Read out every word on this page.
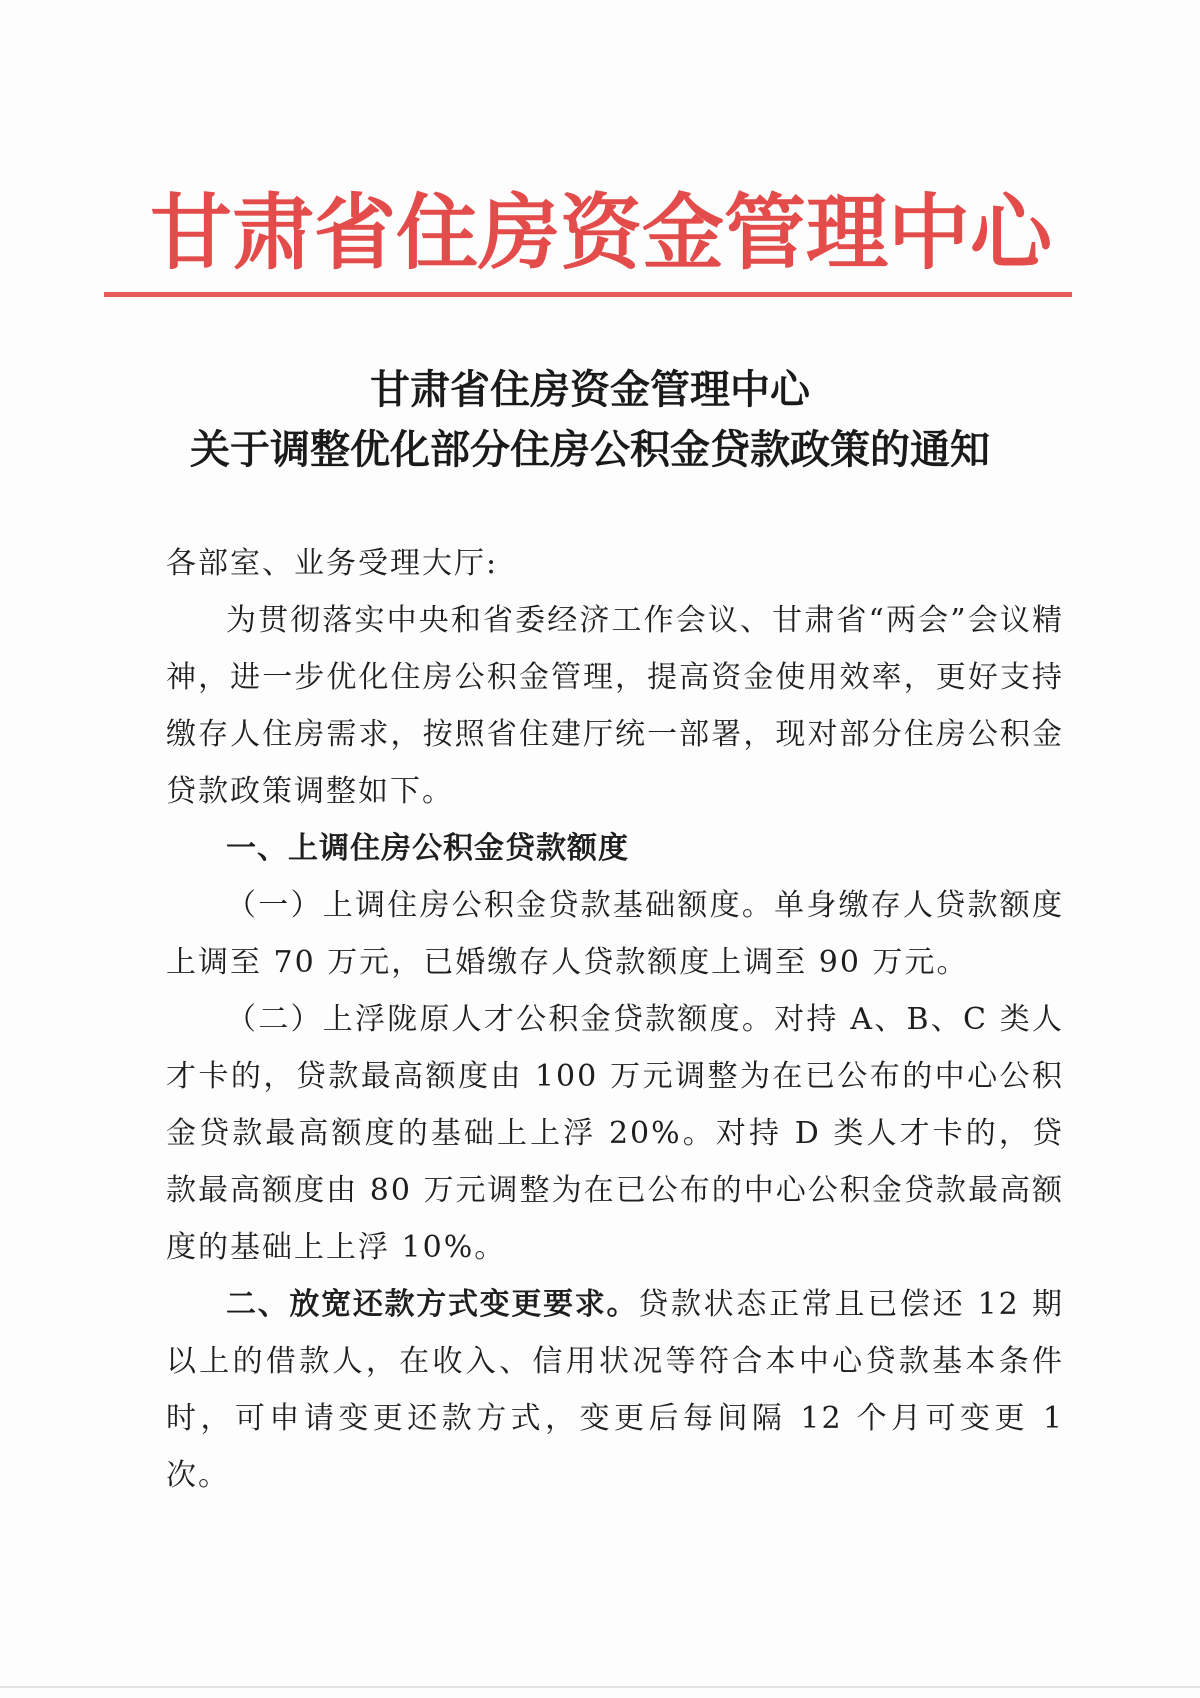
甘肃省住房资金管理中心
甘肃省住房资金管理中心
关于调整优化部分住房公积金贷款政策的通知

各部室、业务受理大厅:

为贯彻落实中央和省委经济工作会议、甘肃省“两会”会议精神，进一步优化住房公积金管理，提高资金使用效率，更好支持缴存人住房需求，按照省住建厅统一部署，现对部分住房公积金贷款政策调整如下。

一、上调住房公积金贷款额度

（一）上调住房公积金贷款基础额度。单身缴存人贷款额度上调至 70 万元，已婚缴存人贷款额度上调至 90 万元。

（二）上浮陇原人才公积金贷款额度。对持 A、B、C 类人才卡的，贷款最高额度由 100 万元调整为在已公布的中心公积金贷款最高额度的基础上上浮 20%。对持 D 类人才卡的，贷款最高额度由 80 万元调整为在已公布的中心公积金贷款最高额度的基础上上浮 10%。

二、放宽还款方式变更要求。贷款状态正常且已偿还 12 期以上的借款人，在收入、信用状况等符合本中心贷款基本条件时，可申请变更还款方式，变更后每间隔 12 个月可变更 1 次。
